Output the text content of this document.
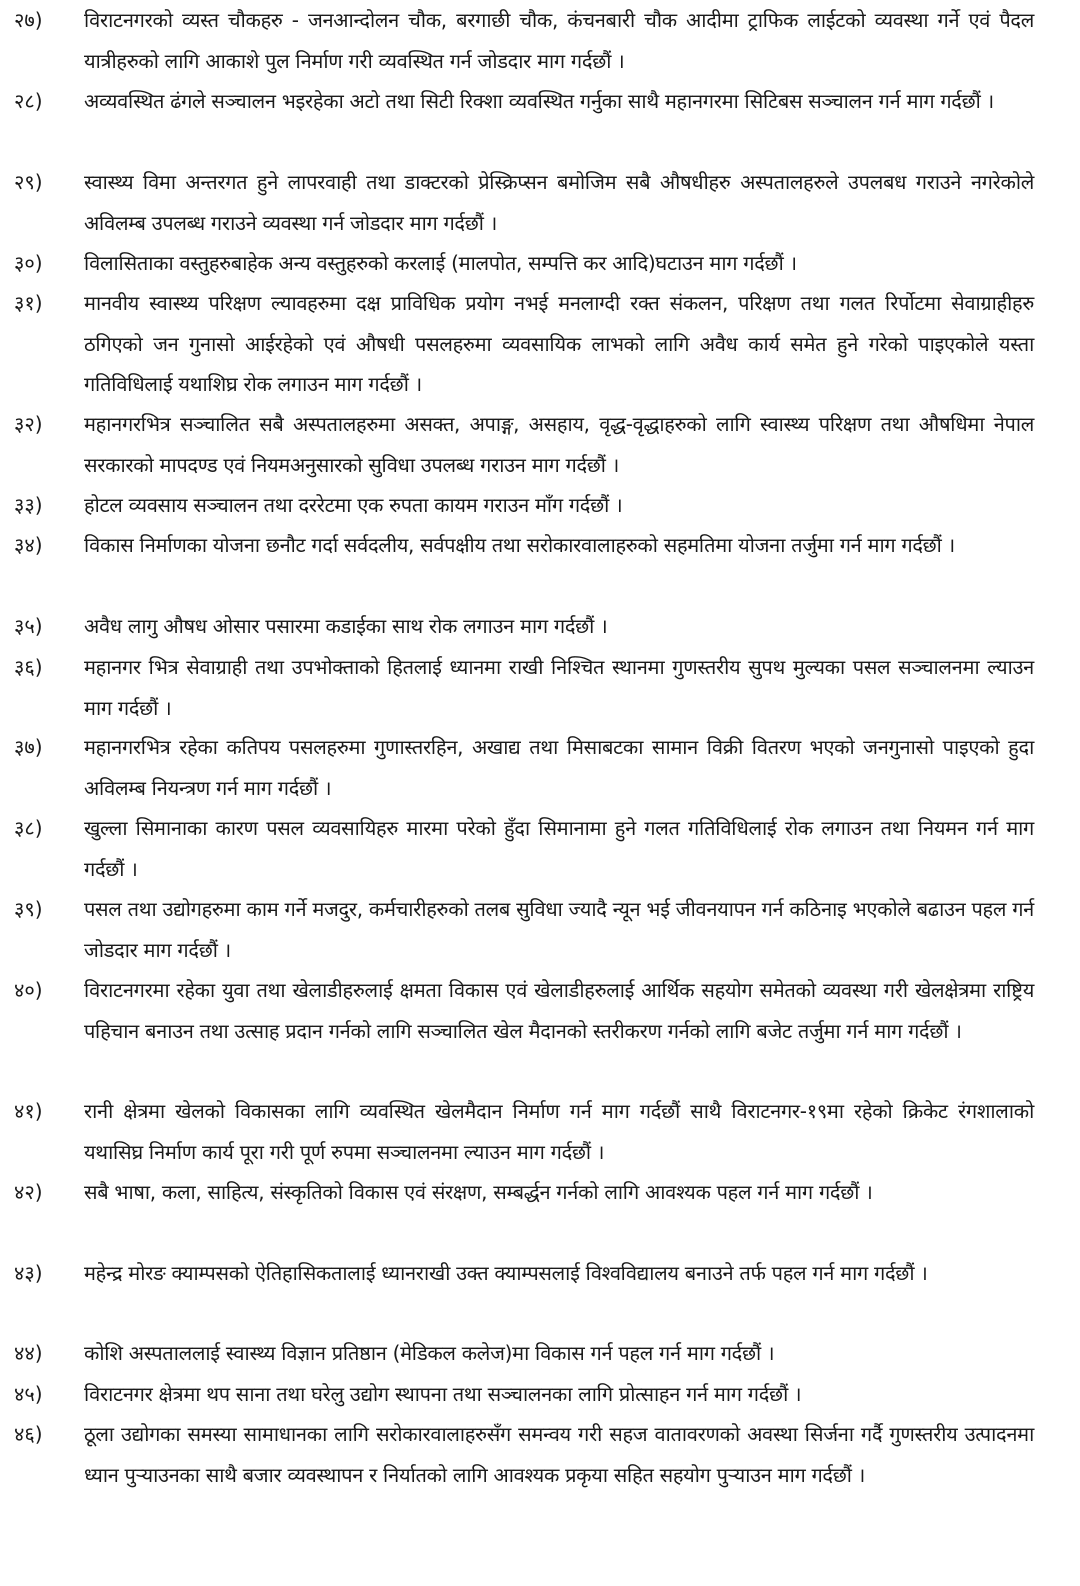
२७) विराटनगरको व्यस्त चौकहरु - जनआन्दोलन चौक, बरगाछी चौक, कंचनबारी चौक आदीमा ट्राफिक लाईटको व्यवस्था गर्ने एवं पैदल यात्रीहरुको लागि आकाशे पुल निर्माण गरी व्यवस्थित गर्न जोडदार माग गर्दछौं ।
२८) अव्यवस्थित ढंगले सञ्चालन भइरहेका अटो तथा सिटी रिक्शा व्यवस्थित गर्नुका साथै महानगरमा सिटिबस सञ्चालन गर्न माग गर्दछौं ।
२९) स्वास्थ्य विमा अन्तरगत हुने लापरवाही तथा डाक्टरको प्रेस्क्रिप्सन बमोजिम सबै औषधीहरु अस्पतालहरुले उपलबध गराउने नगरेकोले अविलम्ब उपलब्ध गराउने व्यवस्था गर्न जोडदार माग गर्दछौं ।
३०) विलासिताका वस्तुहरुबाहेक अन्य वस्तुहरुको करलाई (मालपोत, सम्पत्ति कर आदि)घटाउन माग गर्दछौं ।
३१) मानवीय स्वास्थ्य परिक्षण ल्यावहरुमा दक्ष प्राविधिक प्रयोग नभई मनलाग्दी रक्त संकलन, परिक्षण तथा गलत रिर्पोटमा सेवाग्राहीहरु ठगिएको जन गुनासो आईरहेको एवं औषधी पसलहरुमा व्यवसायिक लाभको लागि अवैध कार्य समेत हुने गरेको पाइएकोले यस्ता गतिविधिलाई यथाशिघ्र रोक लगाउन माग गर्दछौं ।
३२) महानगरभित्र सञ्चालित सबै अस्पतालहरुमा असक्त, अपाङ्ग, असहाय, वृद्ध-वृद्धाहरुको लागि स्वास्थ्य परिक्षण तथा औषधिमा नेपाल सरकारको मापदण्ड एवं नियमअनुसारको सुविधा उपलब्ध गराउन माग गर्दछौं ।
३३) होटल व्यवसाय सञ्चालन तथा दररेटमा एक रुपता कायम गराउन माँग गर्दछौं ।
३४) विकास निर्माणका योजना छनौट गर्दा सर्वदलीय, सर्वपक्षीय तथा सरोकारवालाहरुको सहमतिमा योजना तर्जुमा गर्न माग गर्दछौं ।
३५) अवैध लागु औषध ओसार पसारमा कडाईका साथ रोक लगाउन माग गर्दछौं ।
३६) महानगर भित्र सेवाग्राही तथा उपभोक्ताको हितलाई ध्यानमा राखी निश्चित स्थानमा गुणस्तरीय सुपथ मुल्यका पसल सञ्चालनमा ल्याउन माग गर्दछौं ।
३७) महानगरभित्र रहेका कतिपय पसलहरुमा गुणास्तरहिन, अखाद्य तथा मिसाबटका सामान विक्री वितरण भएको जनगुनासो पाइएको हुदा अविलम्ब नियन्त्रण गर्न माग गर्दछौं ।
३८) खुल्ला सिमानाका कारण पसल व्यवसायिहरु मारमा परेको हुँदा सिमानामा हुने गलत गतिविधिलाई रोक लगाउन तथा नियमन गर्न माग गर्दछौं ।
३९) पसल तथा उद्योगहरुमा काम गर्ने मजदुर, कर्मचारीहरुको तलब सुविधा ज्यादै न्यून भई जीवनयापन गर्न कठिनाइ भएकोले बढाउन पहल गर्न जोडदार माग गर्दछौं ।
४०) विराटनगरमा रहेका युवा तथा खेलाडीहरुलाई क्षमता विकास एवं खेलाडीहरुलाई आर्थिक सहयोग समेतको व्यवस्था गरी खेलक्षेत्रमा राष्ट्रिय पहिचान बनाउन तथा उत्साह प्रदान गर्नको लागि सञ्चालित खेल मैदानको स्तरीकरण गर्नको लागि बजेट तर्जुमा गर्न माग गर्दछौं ।
४१) रानी क्षेत्रमा खेलको विकासका लागि व्यवस्थित खेलमैदान निर्माण गर्न माग गर्दछौं साथै विराटनगर-१९मा रहेको क्रिकेट रंगशालाको यथासिघ्र निर्माण कार्य पूरा गरी पूर्ण रुपमा सञ्चालनमा ल्याउन माग गर्दछौं ।
४२) सबै भाषा, कला, साहित्य, संस्कृतिको विकास एवं संरक्षण, सम्बर्द्धन गर्नको लागि आवश्यक पहल गर्न माग गर्दछौं ।
४३) महेन्द्र मोरङ क्याम्पसको ऐतिहासिकतालाई ध्यानराखी उक्त क्याम्पसलाई विश्वविद्यालय बनाउने तर्फ पहल गर्न माग गर्दछौं ।
४४) कोशि अस्पताललाई स्वास्थ्य विज्ञान प्रतिष्ठान (मेडिकल कलेज)मा विकास गर्न पहल गर्न माग गर्दछौं ।
४५) विराटनगर क्षेत्रमा थप साना तथा घरेलु उद्योग स्थापना तथा सञ्चालनका लागि प्रोत्साहन गर्न माग गर्दछौं ।
४६) ठूला उद्योगका समस्या सामाधानका लागि सरोकारवालाहरुसँग समन्वय गरी सहज वातावरणको अवस्था सिर्जना गर्दै गुणस्तरीय उत्पादनमा ध्यान पुऱ्याउनका साथै बजार व्यवस्थापन र निर्यातको लागि आवश्यक प्रकृया सहित सहयोग पुऱ्याउन माग गर्दछौं ।
